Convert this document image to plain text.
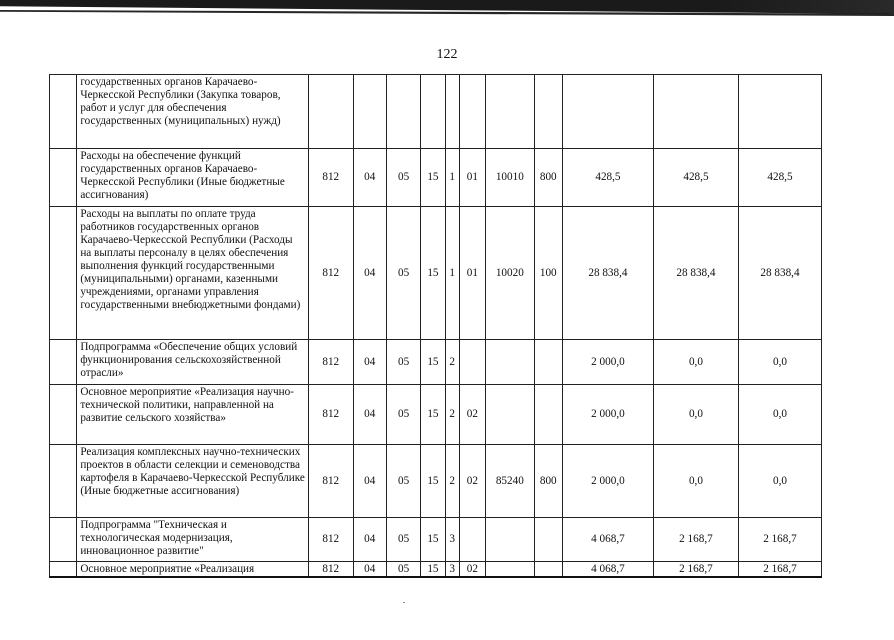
122
	государственных органов Карачаево-Черкесской Республики (Закупка товаров, работ и услуг для обеспечения государственных (муниципальных) нужд)											
	Расходы на обеспечение функций государственных органов Карачаево-Черкесской Республики (Иные бюджетные ассигнования)	812	04	05	15	1	01	10010	800	428,5	428,5	428,5
	Расходы на выплаты по оплате труда работников государственных органов Карачаево-Черкесской Республики (Расходы на выплаты персоналу в целях обеспечения выполнения функций государственными (муниципальными) органами, казенными учреждениями, органами управления государственными внебюджетными фондами)	812	04	05	15	1	01	10020	100	28 838,4	28 838,4	28 838,4
	Подпрограмма «Обеспечение общих условий функционирования сельскохозяйственной отрасли»	812	04	05	15	2				2 000,0	0,0	0,0
	Основное мероприятие «Реализация научно-технической политики, направленной на развитие сельского хозяйства»	812	04	05	15	2	02			2 000,0	0,0	0,0
	Реализация комплексных научно-технических проектов в области селекции и семеноводства картофеля в Карачаево-Черкесской Республике (Иные бюджетные ассигнования)	812	04	05	15	2	02	85240	800	2 000,0	0,0	0,0
	Подпрограмма "Техническая и технологическая модернизация, инновационное развитие"	812	04	05	15	3				4 068,7	2 168,7	2 168,7
	Основное мероприятие «Реализация	812	04	05	15	3	02			4 068,7	2 168,7	2 168,7
